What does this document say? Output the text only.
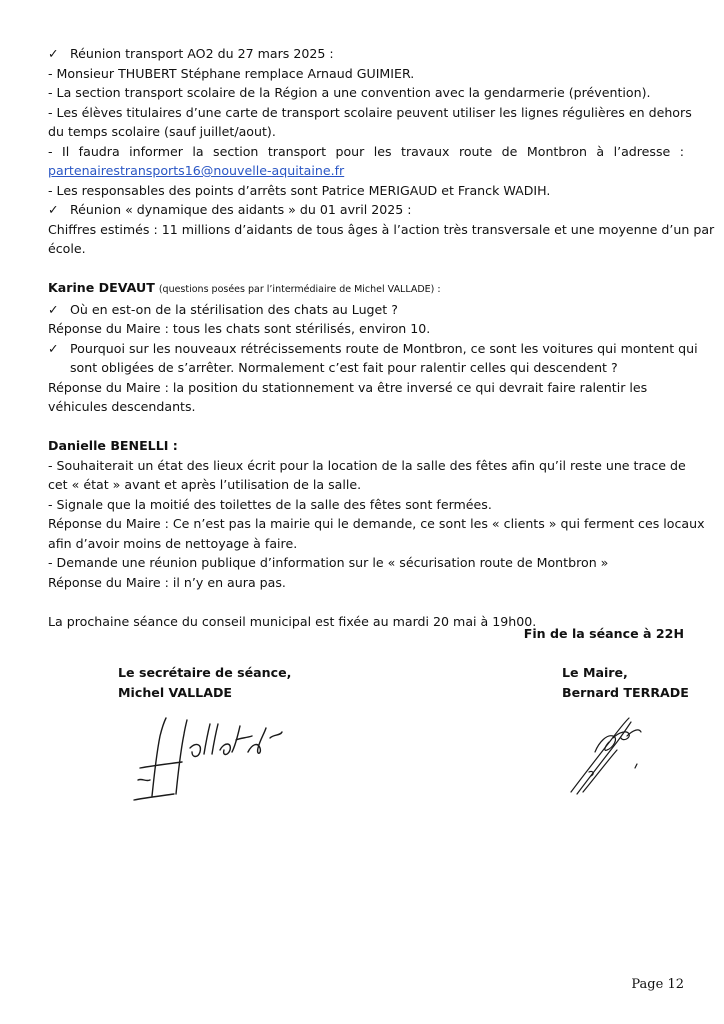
✓ Réunion transport AO2 du 27 mars 2025 :
- Monsieur THUBERT Stéphane remplace Arnaud GUIMIER.
- La section transport scolaire de la Région a une convention avec la gendarmerie (prévention).
- Les élèves titulaires d’une carte de transport scolaire peuvent utiliser les lignes régulières en dehors
du temps scolaire (sauf juillet/aout).
- Il faudra informer la section transport pour les travaux route de Montbron à l’adresse :
partenairestransports16@nouvelle-aquitaine.fr
- Les responsables des points d’arrêts sont Patrice MERIGAUD et Franck WADIH.
✓ Réunion « dynamique des aidants » du 01 avril 2025 :
Chiffres estimés : 11 millions d’aidants de tous âges à l’action très transversale et une moyenne d’un par
école.
Karine DEVAUT (questions posées par l’intermédiaire de Michel VALLADE) :
✓ Où en est-on de la stérilisation des chats au Luget ?
Réponse du Maire : tous les chats sont stérilisés, environ 10.
✓ Pourquoi sur les nouveaux rétrécissements route de Montbron, ce sont les voitures qui montent qui
sont obligées de s’arrêter. Normalement c’est fait pour ralentir celles qui descendent ?
Réponse du Maire : la position du stationnement va être inversé ce qui devrait faire ralentir les
véhicules descendants.
Danielle BENELLI :
- Souhaiterait un état des lieux écrit pour la location de la salle des fêtes afin qu’il reste une trace de
cet « état » avant et après l’utilisation de la salle.
- Signale que la moitié des toilettes de la salle des fêtes sont fermées.
Réponse du Maire : Ce n’est pas la mairie qui le demande, ce sont les « clients » qui ferment ces locaux
afin d’avoir moins de nettoyage à faire.
- Demande une réunion publique d’information sur le « sécurisation route de Montbron »
Réponse du Maire : il n’y en aura pas.
La prochaine séance du conseil municipal est fixée au mardi 20 mai à 19h00.
Fin de la séance à 22H
Le secrétaire de séance,
Michel VALLADE
Le Maire,
Bernard TERRADE
Page 12
